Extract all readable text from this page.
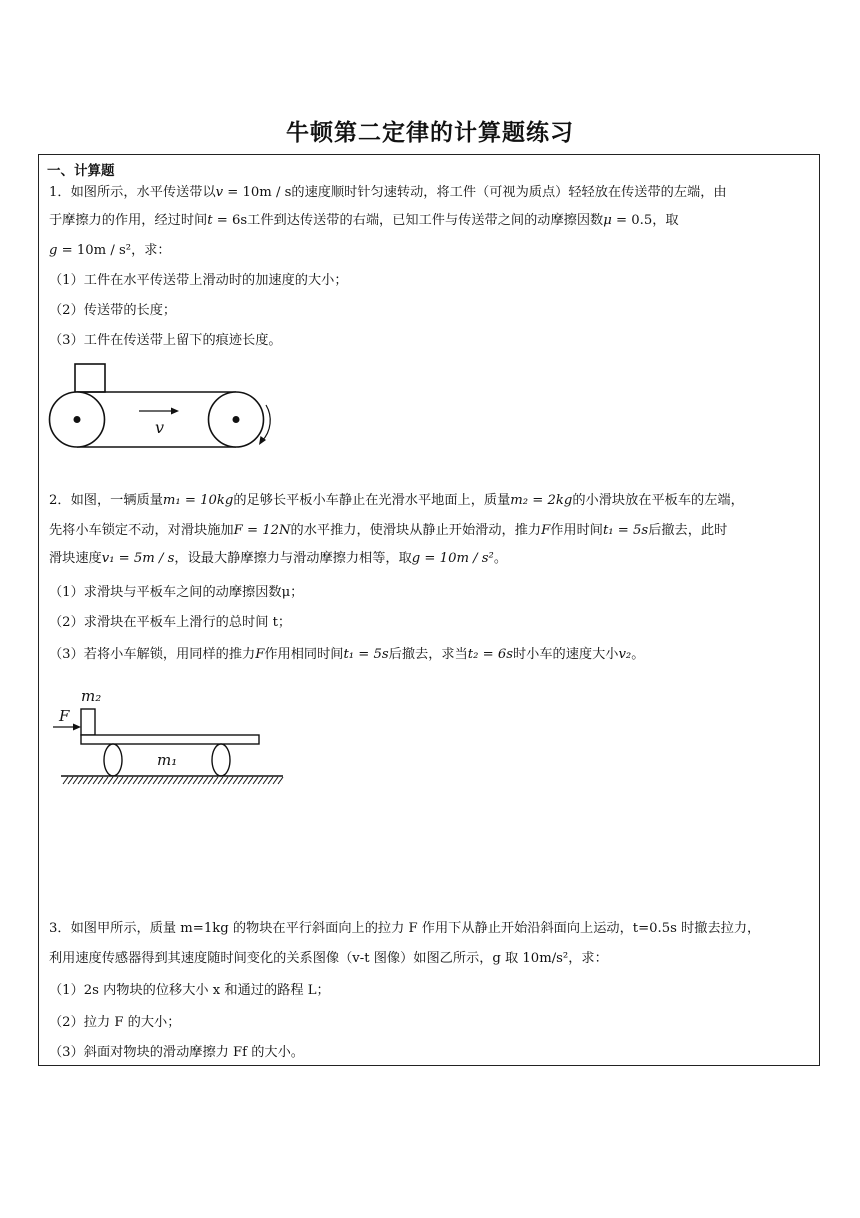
牛顿第二定律的计算题练习
一、计算题
1．如图所示，水平传送带以v = 10m / s的速度顺时针匀速转动，将工件（可视为质点）轻轻放在传送带的左端，由
于摩擦力的作用，经过时间t = 6s工件到达传送带的右端，已知工件与传送带之间的动摩擦因数μ = 0.5，取
g = 10m / s²，求：
（1）工件在水平传送带上滑动时的加速度的大小；
（2）传送带的长度；
（3）工件在传送带上留下的痕迹长度。
v
2．如图，一辆质量m₁ = 10kg的足够长平板小车静止在光滑水平地面上，质量m₂ = 2kg的小滑块放在平板车的左端，
先将小车锁定不动，对滑块施加F = 12N的水平推力，使滑块从静止开始滑动，推力F作用时间t₁ = 5s后撤去，此时
滑块速度v₁ = 5m / s，设最大静摩擦力与滑动摩擦力相等，取g = 10m / s²。
（1）求滑块与平板车之间的动摩擦因数μ；
（2）求滑块在平板车上滑行的总时间 t；
（3）若将小车解锁，用同样的推力F作用相同时间t₁ = 5s后撤去，求当t₂ = 6s时小车的速度大小v₂。
m₂
F
m₁
3．如图甲所示，质量 m=1kg 的物块在平行斜面向上的拉力 F 作用下从静止开始沿斜面向上运动，t=0.5s 时撤去拉力，
利用速度传感器得到其速度随时间变化的关系图像（v-t 图像）如图乙所示，g 取 10m/s²，求：
（1）2s 内物块的位移大小 x 和通过的路程 L；
（2）拉力 F 的大小；
（3）斜面对物块的滑动摩擦力 Ff 的大小。
